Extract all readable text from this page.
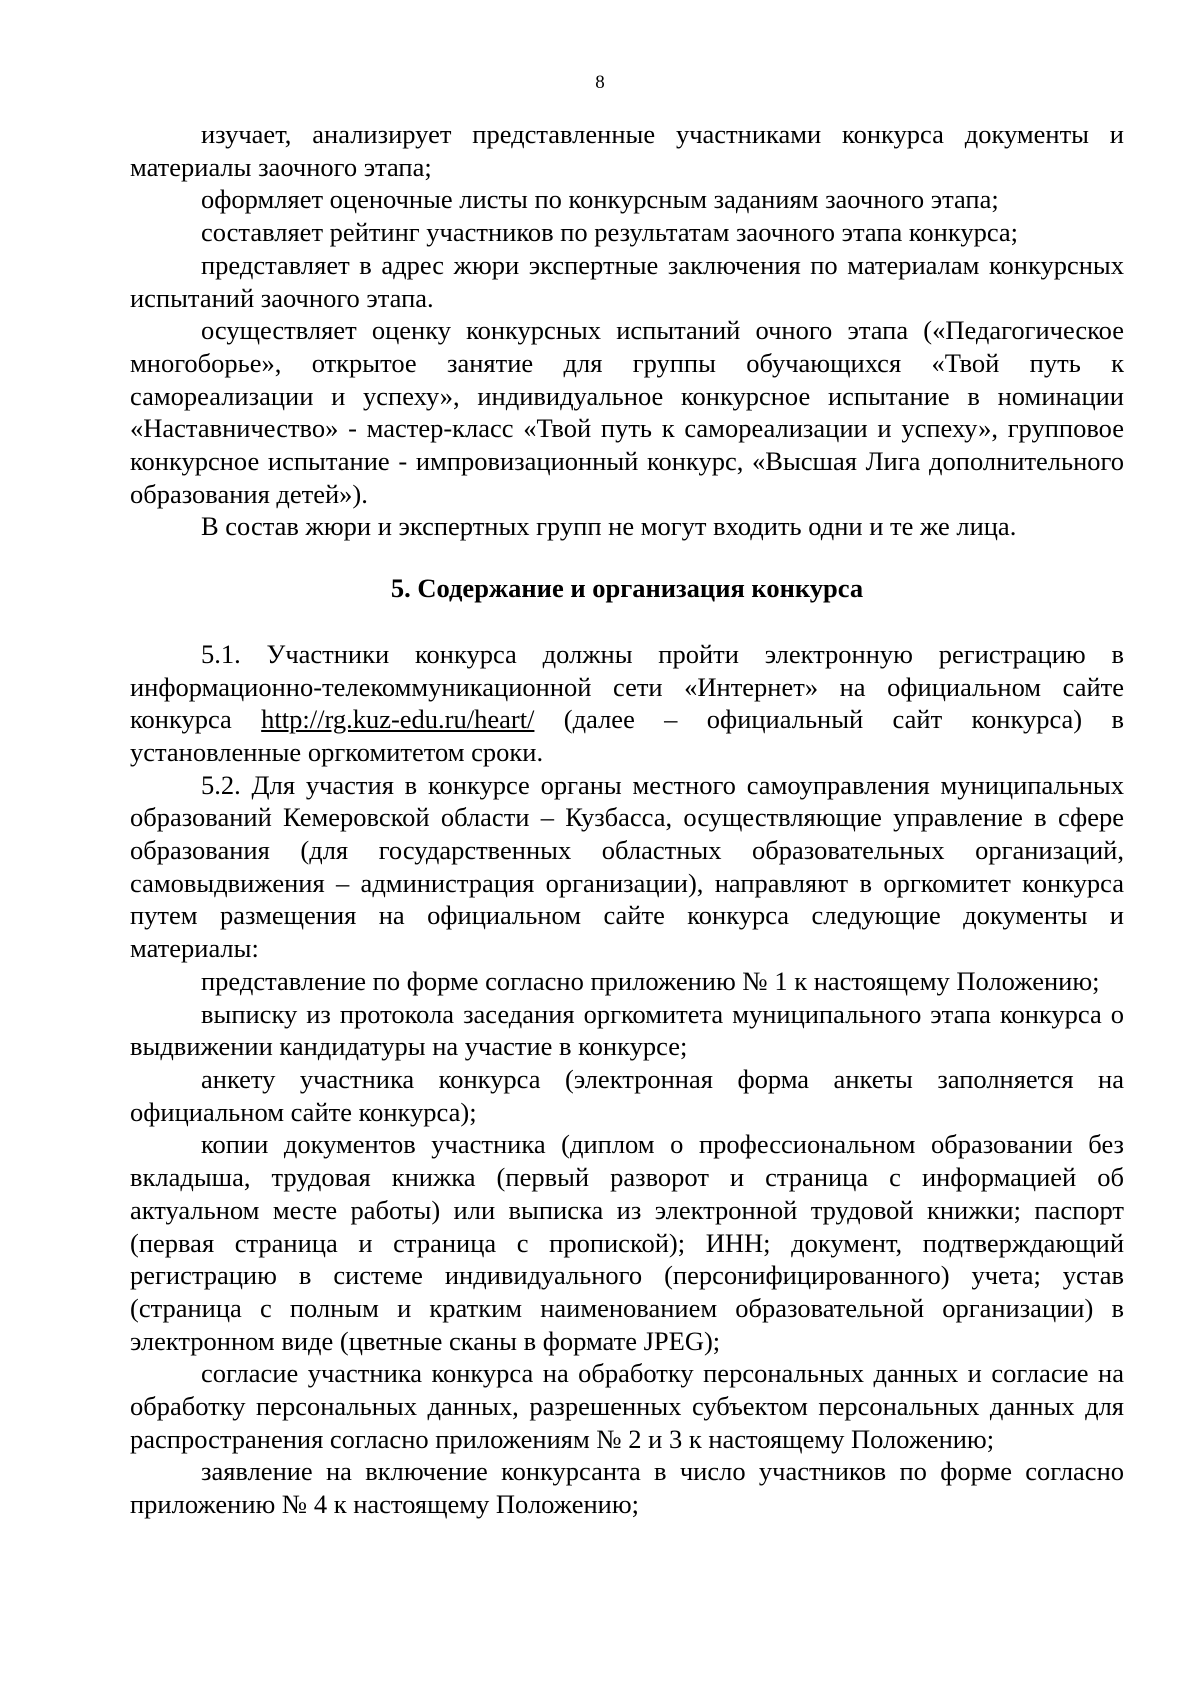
8

изучает, анализирует представленные участниками конкурса документы и материалы заочного этапа;

оформляет оценочные листы по конкурсным заданиям заочного этапа;

составляет рейтинг участников по результатам заочного этапа конкурса;

представляет в адрес жюри экспертные заключения по материалам конкурсных испытаний заочного этапа.

осуществляет оценку конкурсных испытаний очного этапа («Педагогическое многоборье», открытое занятие для группы обучающихся «Твой путь к самореализации и успеху», индивидуальное конкурсное испытание в номинации «Наставничество» - мастер-класс «Твой путь к самореализации и успеху», групповое конкурсное испытание - импровизационный конкурс, «Высшая Лига дополнительного образования детей»).

В состав жюри и экспертных групп не могут входить одни и те же лица.

5. Содержание и организация конкурса

5.1. Участники конкурса должны пройти электронную регистрацию в информационно-телекоммуникационной сети «Интернет» на официальном сайте конкурса http://rg.kuz-edu.ru/heart/ (далее – официальный сайт конкурса) в установленные оргкомитетом сроки.

5.2. Для участия в конкурсе органы местного самоуправления муниципальных образований Кемеровской области – Кузбасса, осуществляющие управление в сфере образования (для государственных областных образовательных организаций, самовыдвижения – администрация организации), направляют в оргкомитет конкурса путем размещения на официальном сайте конкурса следующие документы и материалы:

представление по форме согласно приложению № 1 к настоящему Положению;

выписку из протокола заседания оргкомитета муниципального этапа конкурса о выдвижении кандидатуры на участие в конкурсе;

анкету участника конкурса (электронная форма анкеты заполняется на официальном сайте конкурса);

копии документов участника (диплом о профессиональном образовании без вкладыша, трудовая книжка (первый разворот и страница с информацией об актуальном месте работы) или выписка из электронной трудовой книжки; паспорт (первая страница и страница с пропиской); ИНН; документ, подтверждающий регистрацию в системе индивидуального (персонифицированного) учета; устав (страница с полным и кратким наименованием образовательной организации) в электронном виде (цветные сканы в формате JPEG);

согласие участника конкурса на обработку персональных данных и согласие на обработку персональных данных, разрешенных субъектом персональных данных для распространения согласно приложениям № 2 и 3 к настоящему Положению;

заявление на включение конкурсанта в число участников по форме согласно приложению № 4 к настоящему Положению;
